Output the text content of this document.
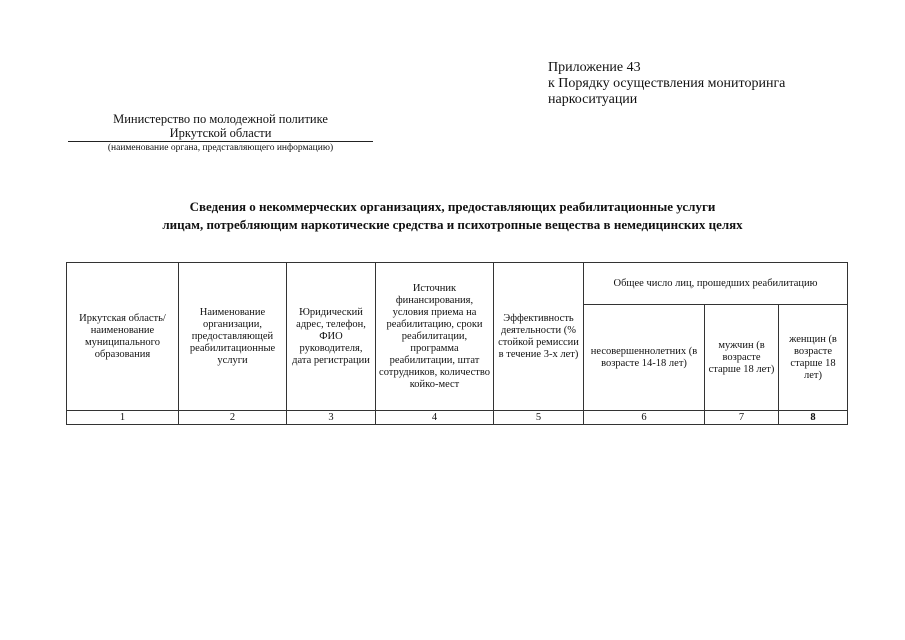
Приложение 43
к Порядку осуществления мониторинга
наркоситуации
Министерство по молодежной политике
Иркутской области
(наименование органа, представляющего информацию)
Сведения о некоммерческих организациях, предоставляющих реабилитационные услуги
лицам, потребляющим наркотические средства и психотропные вещества в немедицинских целях
Иркутская область/ наименование муниципального образования	Наименование организации, предоставляющей реабилитационные услуги	Юридический адрес, телефон, ФИО руководителя, дата регистрации	Источник финансирования, условия приема на реабилитацию, сроки реабилитации, программа реабилитации, штат сотрудников, количество койко-мест	Эффективность деятельности (% стойкой ремиссии в течение 3-х лет)	Общее число лиц, прошедших реабилитацию		
					несовершеннолетних (в возрасте 14-18 лет)	мужчин (в возрасте старше 18 лет)	женщин (в возрасте старше 18 лет)
1	2	3	4	5	6	7	8
